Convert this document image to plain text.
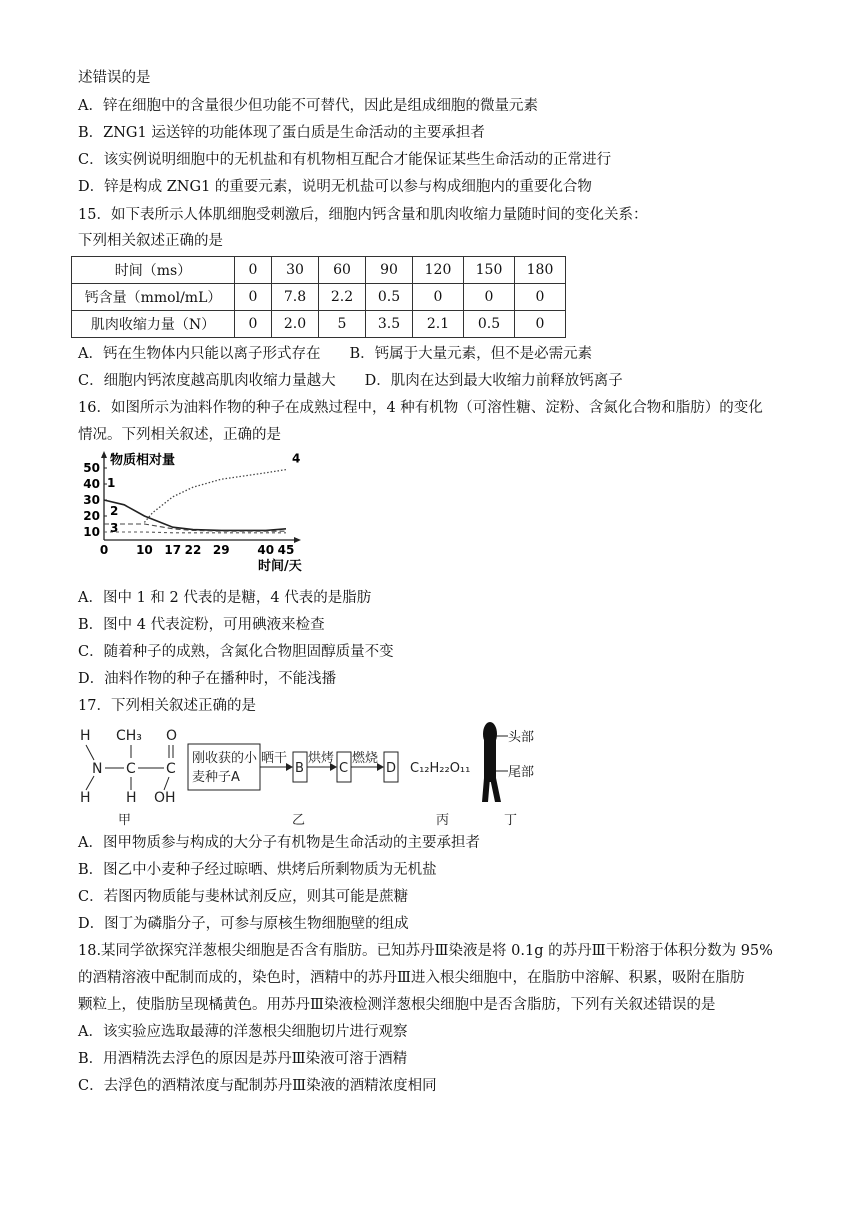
述错误的是
A．锌在细胞中的含量很少但功能不可替代，因此是组成细胞的微量元素
B．ZNG1 运送锌的功能体现了蛋白质是生命活动的主要承担者
C．该实例说明细胞中的无机盐和有机物相互配合才能保证某些生命活动的正常进行
D．锌是构成 ZNG1 的重要元素，说明无机盐可以参与构成细胞内的重要化合物
15．如下表所示人体肌细胞受刺激后，细胞内钙含量和肌肉收缩力量随时间的变化关系：
下列相关叙述正确的是
时间（ms）	0	30	60	90	120	150	180
钙含量（mmol/mL）	0	7.8	2.2	0.5	0	0	0
肌肉收缩力量（N）	0	2.0	5	3.5	2.1	0.5	0
A．钙在生物体内只能以离子形式存在　　B．钙属于大量元素，但不是必需元素
C．细胞内钙浓度越高肌肉收缩力量越大　　D．肌肉在达到最大收缩力前释放钙离子
16．如图所示为油料作物的种子在成熟过程中，4 种有机物（可溶性糖、淀粉、含氮化合物和脂肪）的变化
情况。下列相关叙述，正确的是
10
20
30
40
50
0 10 17 22 29 40 45
物质相对量
时间/天
1
2
3
4
A．图中 1 和 2 代表的是糖，4 代表的是脂肪
B．图中 4 代表淀粉，可用碘液来检查
C．随着种子的成熟，含氮化合物胆固醇质量不变
D．油料作物的种子在播种时，不能浅播
17．下列相关叙述正确的是
H
N
H
C
CH₃
H
C
O
OH
甲
刚收获的小
麦种子A
晒干
B
烘烤
C
燃烧
D
乙
C₁₂H₂₂O₁₁
丙
头部
尾部
丁
A．图甲物质参与构成的大分子有机物是生命活动的主要承担者
B．图乙中小麦种子经过晾晒、烘烤后所剩物质为无机盐
C．若图丙物质能与斐林试剂反应，则其可能是蔗糖
D．图丁为磷脂分子，可参与原核生物细胞壁的组成
18.某同学欲探究洋葱根尖细胞是否含有脂肪。已知苏丹Ⅲ染液是将 0.1g 的苏丹Ⅲ干粉溶于体积分数为 95%
的酒精溶液中配制而成的，染色时，酒精中的苏丹Ⅲ进入根尖细胞中，在脂肪中溶解、积累，吸附在脂肪
颗粒上，使脂肪呈现橘黄色。用苏丹Ⅲ染液检测洋葱根尖细胞中是否含脂肪，下列有关叙述错误的是
A．该实验应选取最薄的洋葱根尖细胞切片进行观察
B．用酒精洗去浮色的原因是苏丹Ⅲ染液可溶于酒精
C．去浮色的酒精浓度与配制苏丹Ⅲ染液的酒精浓度相同
